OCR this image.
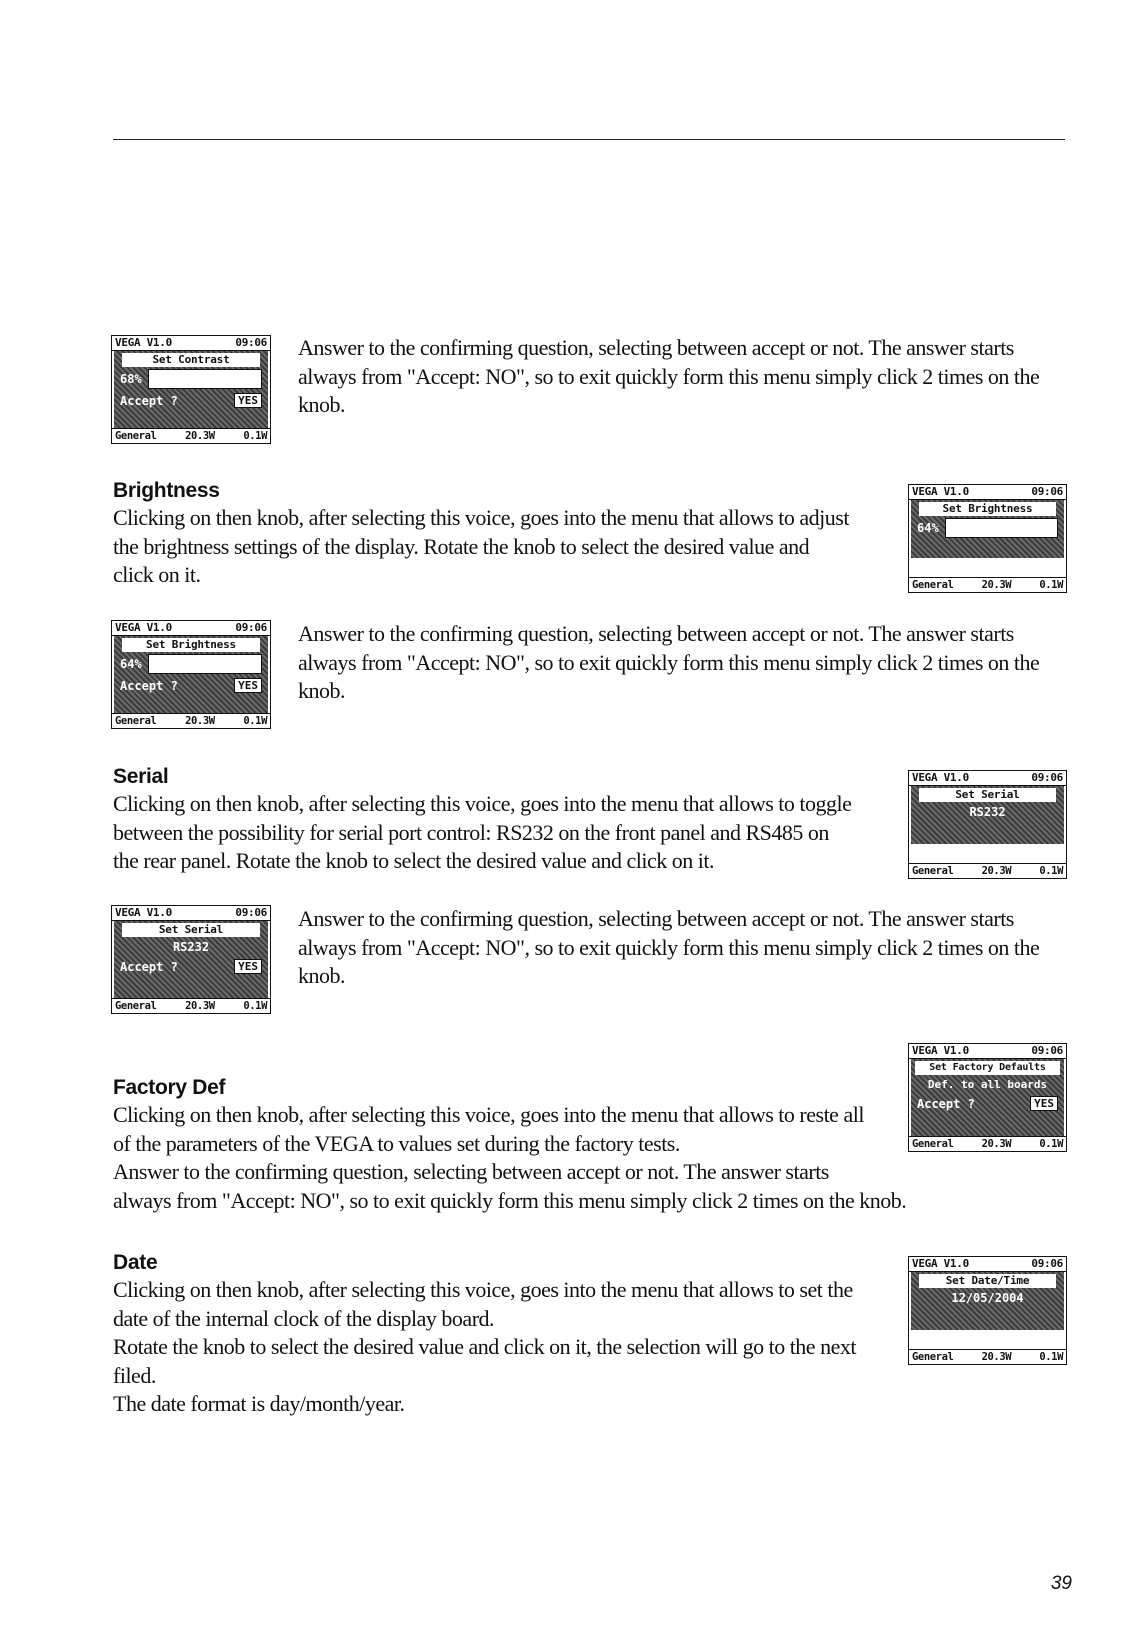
VEGA V1.0	09:06
Set Contrast
68%
Accept ?	YES
General	20.3W	0.1W

Answer to the confirming question, selecting between accept or not. The answer starts
always from "Accept: NO", so to exit quickly form this menu simply click 2 times on the
knob.

Brightness

Clicking on then knob, after selecting this voice, goes into the menu that allows to adjust
the brightness settings of the display. Rotate the knob to select the desired value and
click on it.

VEGA V1.0	09:06
Set Brightness
64%
General	20.3W	0.1W
VEGA V1.0	09:06
Set Brightness
64%
Accept ?	YES
General	20.3W	0.1W

Answer to the confirming question, selecting between accept or not. The answer starts
always from "Accept: NO", so to exit quickly form this menu simply click 2 times on the
knob.

Serial

Clicking on then knob, after selecting this voice, goes into the menu that allows to toggle
between the possibility for serial port control: RS232 on the front panel and RS485 on
the rear panel. Rotate the knob to select the desired value and click on it.

VEGA V1.0	09:06
Set Serial
RS232
General	20.3W	0.1W
VEGA V1.0	09:06
Set Serial
RS232
Accept ?	YES
General	20.3W	0.1W

Answer to the confirming question, selecting between accept or not. The answer starts
always from "Accept: NO", so to exit quickly form this menu simply click 2 times on the
knob.

VEGA V1.0	09:06
Set Factory Defaults
Def. to all boards
Accept ?	YES
General	20.3W	0.1W
Factory Def

Clicking on then knob, after selecting this voice, goes into the menu that allows to reste all
of the parameters of the VEGA to values set during the factory tests.
Answer to the confirming question, selecting between accept or not. The answer starts
always from "Accept: NO", so to exit quickly form this menu simply click 2 times on the knob.

Date

Clicking on then knob, after selecting this voice, goes into the menu that allows to set the
date of the internal clock of the display board.
Rotate the knob to select the desired value and click on it, the selection will go to the next
filed.
The date format is day/month/year.

VEGA V1.0	09:06
Set Date/Time
12/05/2004
General	20.3W	0.1W
39
